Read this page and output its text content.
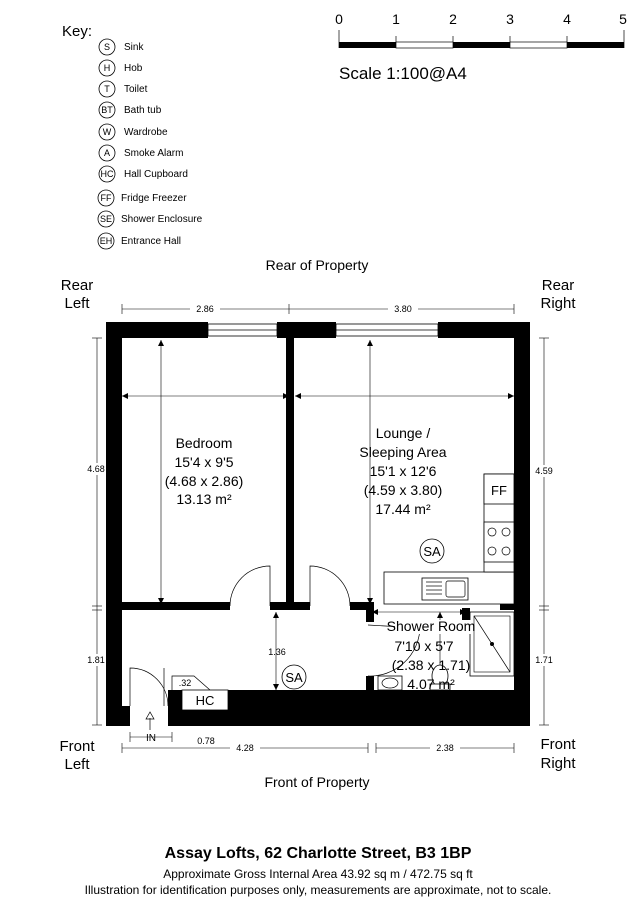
Key:
S Sink
H Hob
T Toilet
BT Bath tub
W Wardrobe
A Smoke Alarm
HC Hall Cupboard
FF Fridge Freezer
SE Shower Enclosure
EH Entrance Hall
0	1	2	3	4	5
Scale 1:100@A4
Rear of Property
Front of Property
Rear
Left
Rear
Right
Front
Left
Front
Right
2.86	3.80
4.68
1.81
4.59
1.71
4.28	2.38
0.78
1.36
.32
FF
HC
SA
SA
IN
Bedroom
15'4 x 9'5
(4.68 x 2.86)
13.13 m²
Lounge /
Sleeping Area
15'1 x 12'6
(4.59 x 3.80)
17.44 m²
Shower Room
7'10 x 5'7
(2.38 x 1.71)
4.07 m²
Assay Lofts, 62 Charlotte Street, B3 1BP
Approximate Gross Internal Area 43.92 sq m / 472.75 sq ft
Illustration for identification purposes only, measurements are approximate, not to scale.
